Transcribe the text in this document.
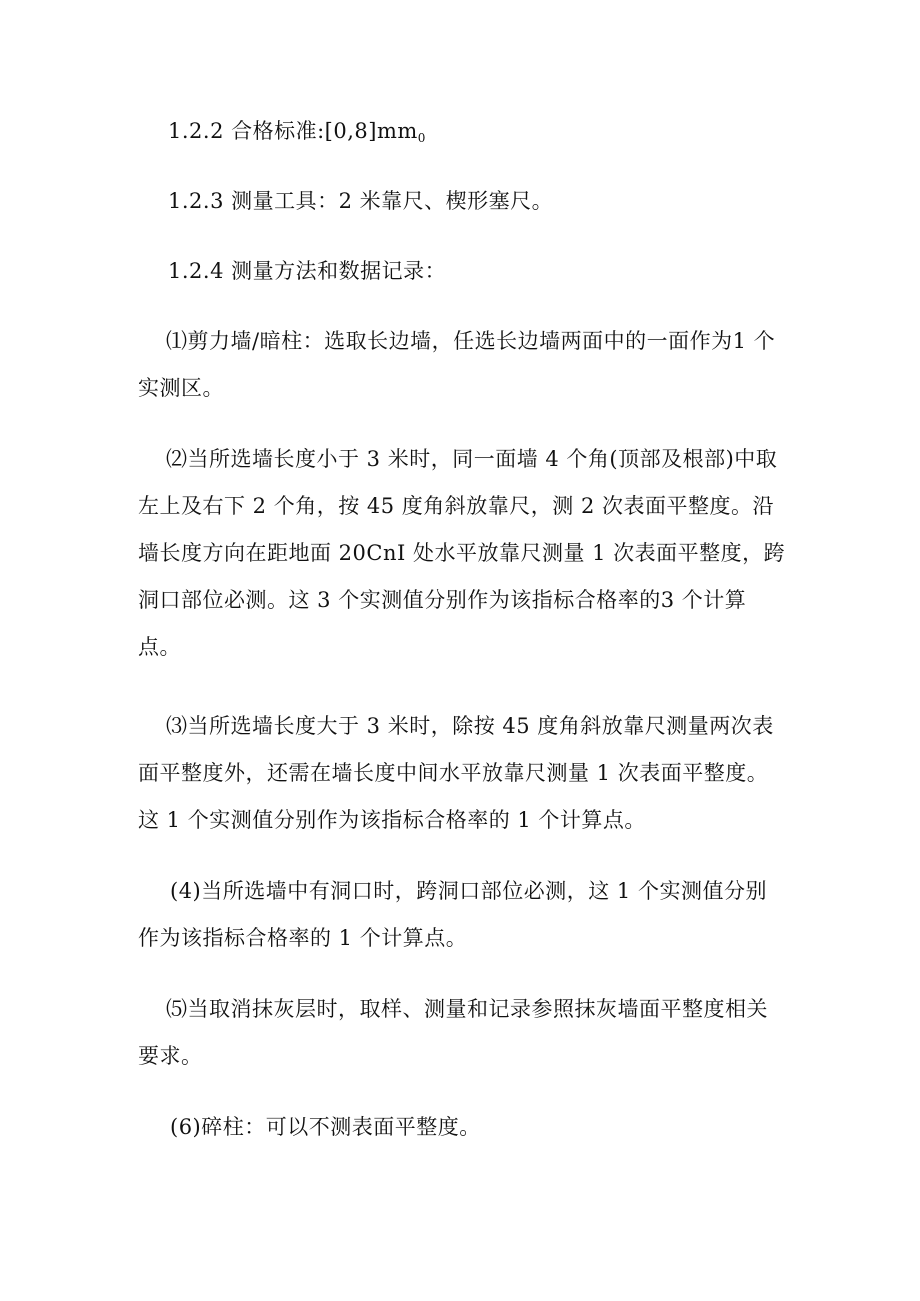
1.2.2 合格标准$:[0,8]mm_0$
1.2.3 测量工具：2 米靠尺、楔形塞尺。
1.2.4 测量方法和数据记录：
⑴剪力墙/暗柱：选取长边墙，任选长边墙两面中的一面作为1 个实测区。
⑵当所选墙长度小于 3 米时，同一面墙 4 个角(顶部及根部)中取左上及右下 2 个角，按 45 度角斜放靠尺，测 2 次表面平整度。沿墙长度方向在距地面 20CnI 处水平放靠尺测量 1 次表面平整度，跨洞口部位必测。这 3 个实测值分别作为该指标合格率的3 个计算点。
⑶当所选墙长度大于 3 米时，除按 45 度角斜放靠尺测量两次表面平整度外，还需在墙长度中间水平放靠尺测量 1 次表面平整度。这 1 个实测值分别作为该指标合格率的 1 个计算点。
(4)当所选墙中有洞口时，跨洞口部位必测，这 1 个实测值分别作为该指标合格率的 1 个计算点。
⑸当取消抹灰层时，取样、测量和记录参照抹灰墙面平整度相关要求。
(6)碎柱：可以不测表面平整度。
